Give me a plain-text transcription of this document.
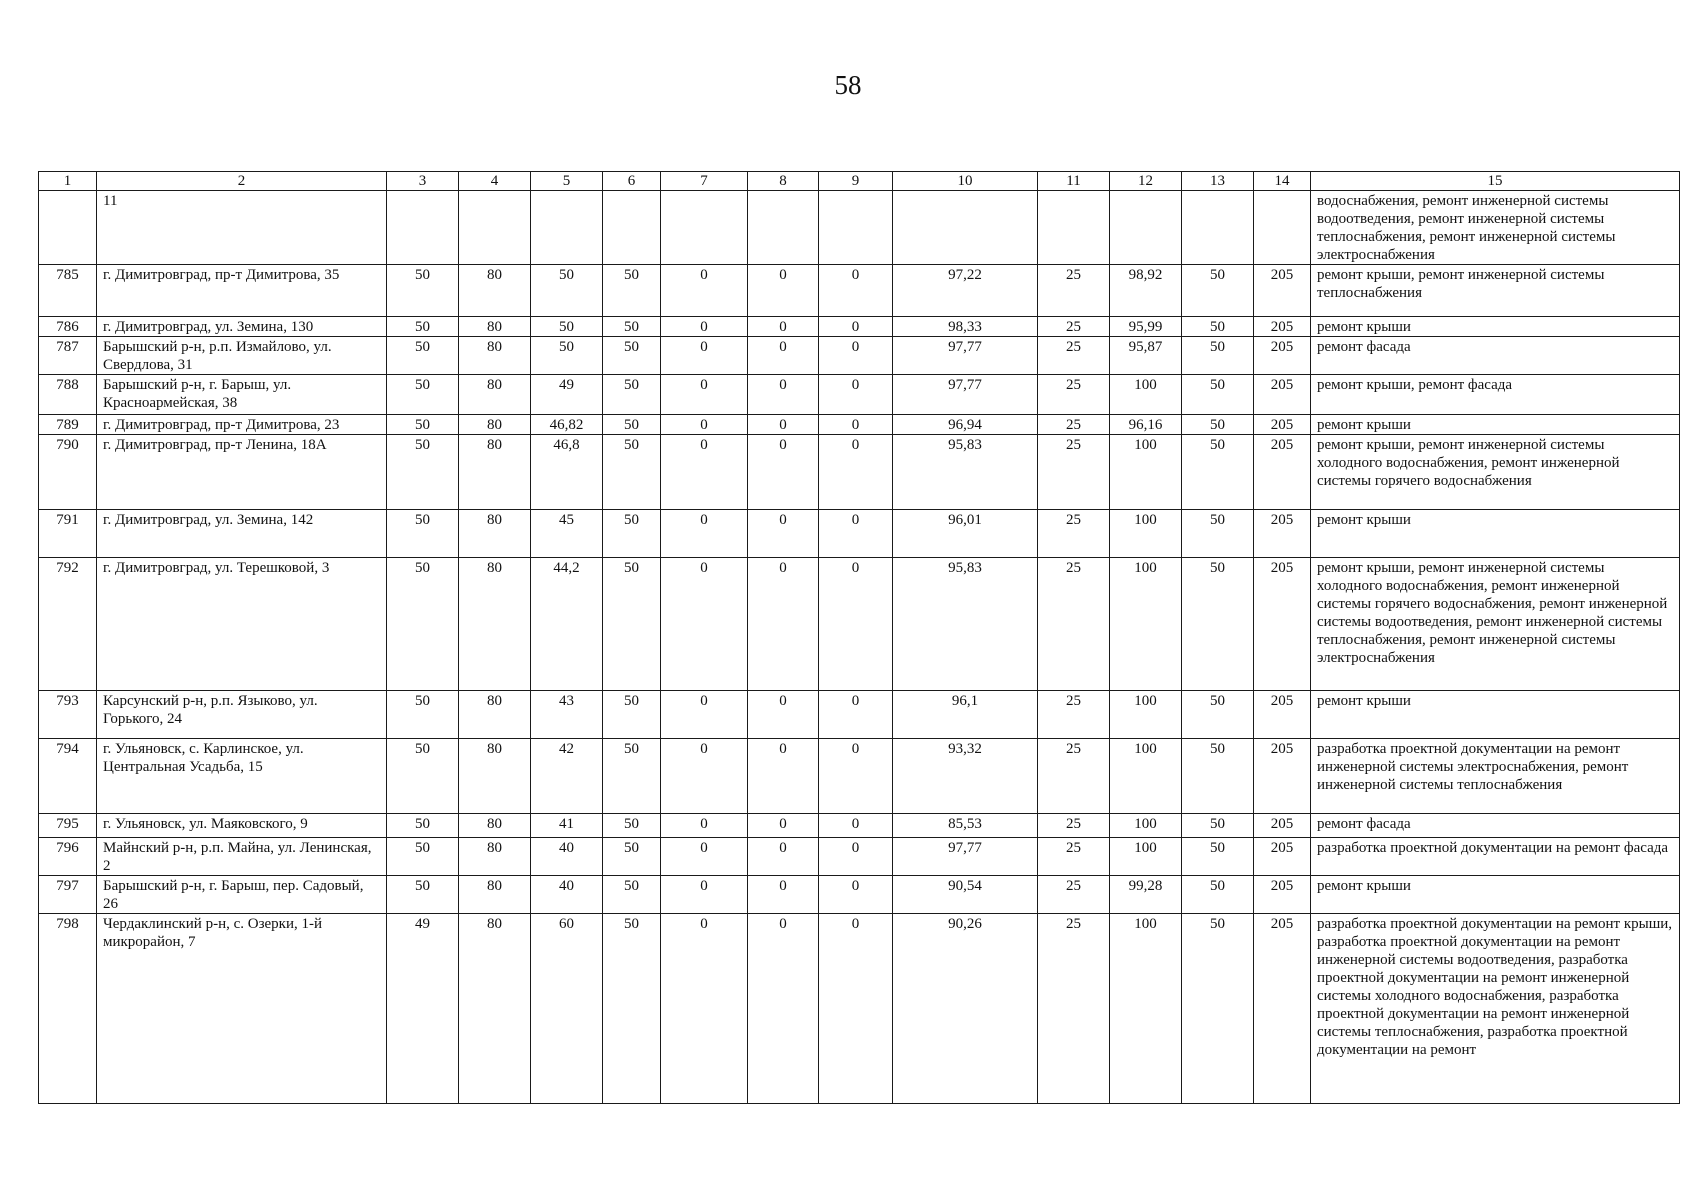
58
1	2	3	4	5	6	7	8	9	10	11	12	13	14	15
	11													водоснабжения, ремонт инженерной системы водоотведения, ремонт инженерной системы теплоснабжения, ремонт инженерной системы электроснабжения
785	г. Димитровград, пр-т Димитрова, 35	50	80	50	50	0	0	0	97,22	25	98,92	50	205	ремонт крыши, ремонт инженерной системы теплоснабжения
786	г. Димитровград, ул. Земина, 130	50	80	50	50	0	0	0	98,33	25	95,99	50	205	ремонт крыши
787	Барышский р-н, р.п. Измайлово, ул. Свердлова, 31	50	80	50	50	0	0	0	97,77	25	95,87	50	205	ремонт фасада
788	Барышский р-н, г. Барыш, ул. Красноармейская, 38	50	80	49	50	0	0	0	97,77	25	100	50	205	ремонт крыши, ремонт фасада
789	г. Димитровград, пр-т Димитрова, 23	50	80	46,82	50	0	0	0	96,94	25	96,16	50	205	ремонт крыши
790	г. Димитровград, пр-т Ленина, 18А	50	80	46,8	50	0	0	0	95,83	25	100	50	205	ремонт крыши, ремонт инженерной системы холодного водоснабжения, ремонт инженерной системы горячего водоснабжения
791	г. Димитровград, ул. Земина, 142	50	80	45	50	0	0	0	96,01	25	100	50	205	ремонт крыши
792	г. Димитровград, ул. Терешковой, 3	50	80	44,2	50	0	0	0	95,83	25	100	50	205	ремонт крыши, ремонт инженерной системы холодного водоснабжения, ремонт инженерной системы горячего водоснабжения, ремонт инженерной системы водоотведения, ремонт инженерной системы теплоснабжения, ремонт инженерной системы электроснабжения
793	Карсунский р-н, р.п. Языково, ул. Горького, 24	50	80	43	50	0	0	0	96,1	25	100	50	205	ремонт крыши
794	г. Ульяновск, с. Карлинское, ул. Центральная Усадьба, 15	50	80	42	50	0	0	0	93,32	25	100	50	205	разработка проектной документации на ремонт инженерной системы электроснабжения, ремонт инженерной системы теплоснабжения
795	г. Ульяновск, ул. Маяковского, 9	50	80	41	50	0	0	0	85,53	25	100	50	205	ремонт фасада
796	Майнский р-н, р.п. Майна, ул. Ленинская, 2	50	80	40	50	0	0	0	97,77	25	100	50	205	разработка проектной документации на ремонт фасада
797	Барышский р-н, г. Барыш, пер. Садовый, 26	50	80	40	50	0	0	0	90,54	25	99,28	50	205	ремонт крыши
798	Чердаклинский р-н, с. Озерки, 1-й микрорайон, 7	49	80	60	50	0	0	0	90,26	25	100	50	205	разработка проектной документации на ремонт крыши, разработка проектной документации на ремонт инженерной системы водоотведения, разработка проектной документации на ремонт инженерной системы холодного водоснабжения, разработка проектной документации на ремонт инженерной системы теплоснабжения, разработка проектной документации на ремонт
